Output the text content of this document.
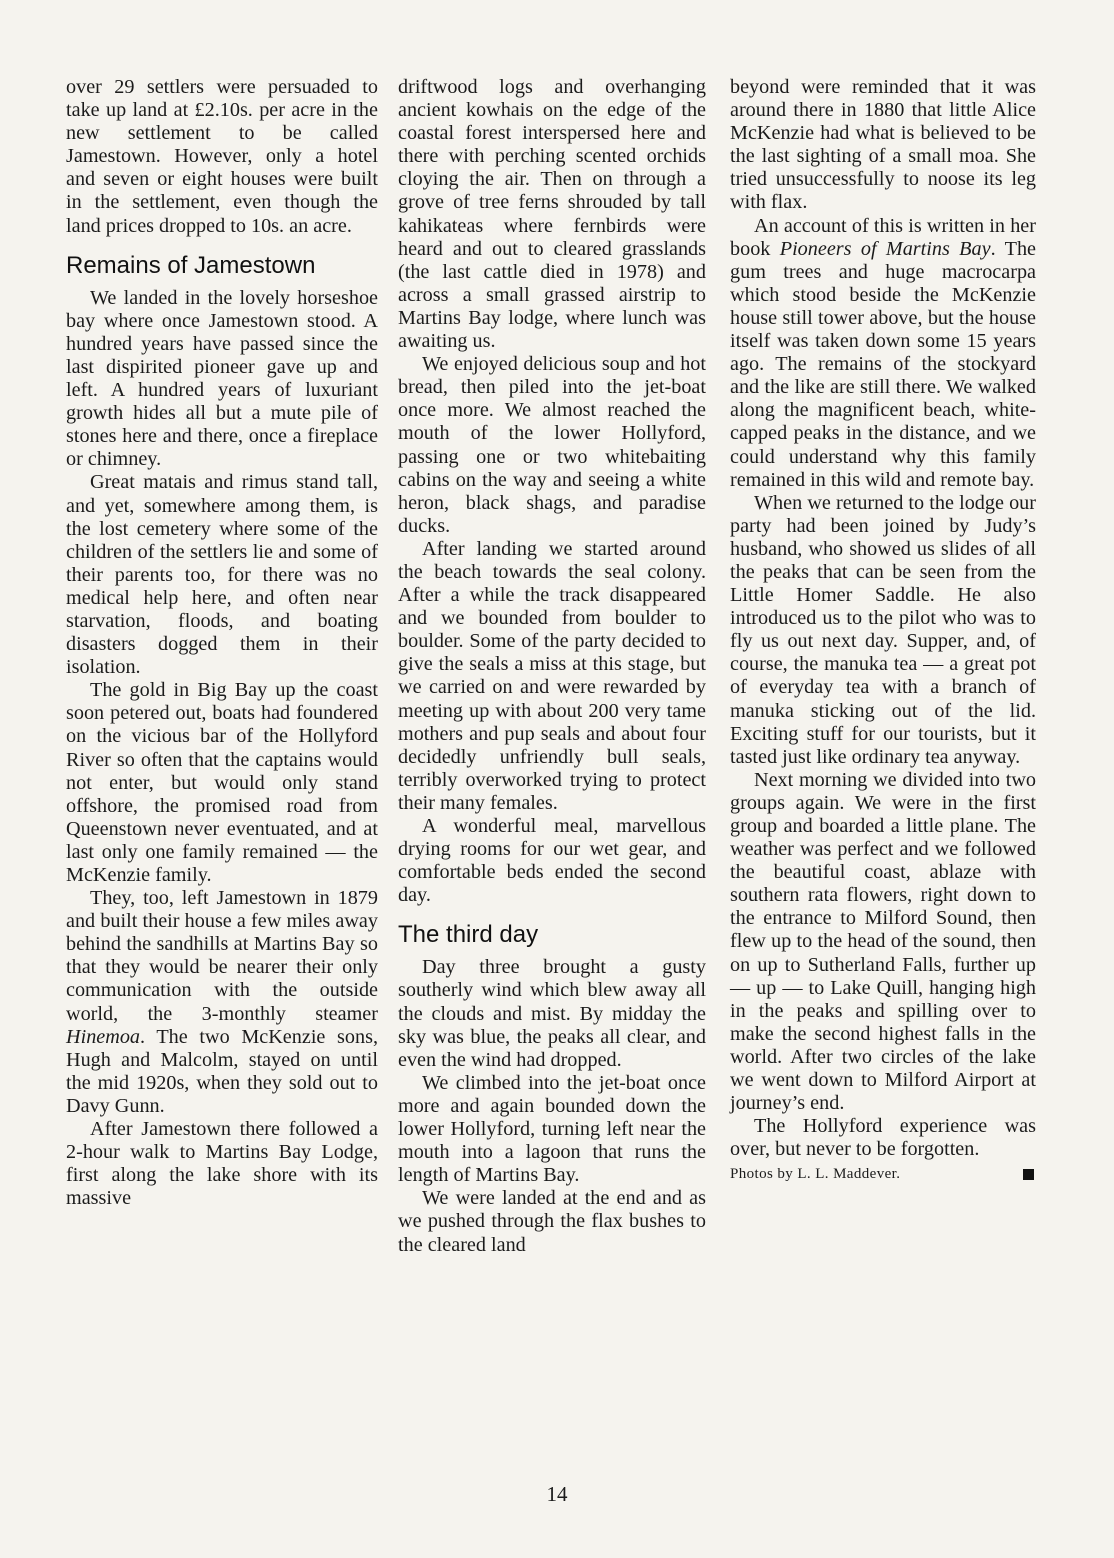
over 29 settlers were persuaded to take up land at £2.10s. per acre in the new settlement to be called Jamestown. However, only a hotel and seven or eight houses were built in the settlement, even though the land prices dropped to 10s. an acre.

Remains of Jamestown

We landed in the lovely horseshoe bay where once Jamestown stood. A hundred years have passed since the last dispirited pioneer gave up and left. A hundred years of luxuriant growth hides all but a mute pile of stones here and there, once a fireplace or chimney.

Great matais and rimus stand tall, and yet, somewhere among them, is the lost cemetery where some of the children of the settlers lie and some of their parents too, for there was no medical help here, and often near starvation, floods, and boating disasters dogged them in their isolation.

The gold in Big Bay up the coast soon petered out, boats had foundered on the vicious bar of the Hollyford River so often that the captains would not enter, but would only stand offshore, the promised road from Queenstown never eventuated, and at last only one family remained — the McKenzie family.

They, too, left Jamestown in 1879 and built their house a few miles away behind the sandhills at Martins Bay so that they would be nearer their only communication with the outside world, the 3-monthly steamer Hinemoa. The two McKenzie sons, Hugh and Malcolm, stayed on until the mid 1920s, when they sold out to Davy Gunn.

After Jamestown there followed a 2-hour walk to Martins Bay Lodge, first along the lake shore with its massive

driftwood logs and overhanging ancient kowhais on the edge of the coastal forest interspersed here and there with perching scented orchids cloying the air. Then on through a grove of tree ferns shrouded by tall kahikateas where fernbirds were heard and out to cleared grasslands (the last cattle died in 1978) and across a small grassed airstrip to Martins Bay lodge, where lunch was awaiting us.

We enjoyed delicious soup and hot bread, then piled into the jet-boat once more. We almost reached the mouth of the lower Hollyford, passing one or two whitebaiting cabins on the way and seeing a white heron, black shags, and paradise ducks.

After landing we started around the beach towards the seal colony. After a while the track disappeared and we bounded from boulder to boulder. Some of the party decided to give the seals a miss at this stage, but we carried on and were rewarded by meeting up with about 200 very tame mothers and pup seals and about four decidedly unfriendly bull seals, terribly overworked trying to protect their many females.

A wonderful meal, marvellous drying rooms for our wet gear, and comfortable beds ended the second day.

The third day

Day three brought a gusty southerly wind which blew away all the clouds and mist. By midday the sky was blue, the peaks all clear, and even the wind had dropped.

We climbed into the jet-boat once more and again bounded down the lower Hollyford, turning left near the mouth into a lagoon that runs the length of Martins Bay.

We were landed at the end and as we pushed through the flax bushes to the cleared land

beyond were reminded that it was around there in 1880 that little Alice McKenzie had what is believed to be the last sighting of a small moa. She tried unsuccessfully to noose its leg with flax.

An account of this is written in her book Pioneers of Martins Bay. The gum trees and huge macrocarpa which stood beside the McKenzie house still tower above, but the house itself was taken down some 15 years ago. The remains of the stockyard and the like are still there. We walked along the magnificent beach, white-capped peaks in the distance, and we could understand why this family remained in this wild and remote bay.

When we returned to the lodge our party had been joined by Judy’s husband, who showed us slides of all the peaks that can be seen from the Little Homer Saddle. He also introduced us to the pilot who was to fly us out next day. Supper, and, of course, the manuka tea — a great pot of everyday tea with a branch of manuka sticking out of the lid. Exciting stuff for our tourists, but it tasted just like ordinary tea anyway.

Next morning we divided into two groups again. We were in the first group and boarded a little plane. The weather was perfect and we followed the beautiful coast, ablaze with southern rata flowers, right down to the entrance to Milford Sound, then flew up to the head of the sound, then on up to Sutherland Falls, further up — up — to Lake Quill, hanging high in the peaks and spilling over to make the second highest falls in the world. After two circles of the lake we went down to Milford Airport at journey’s end.

The Hollyford experience was over, but never to be forgotten.

Photos by L. L. Maddever.
14
